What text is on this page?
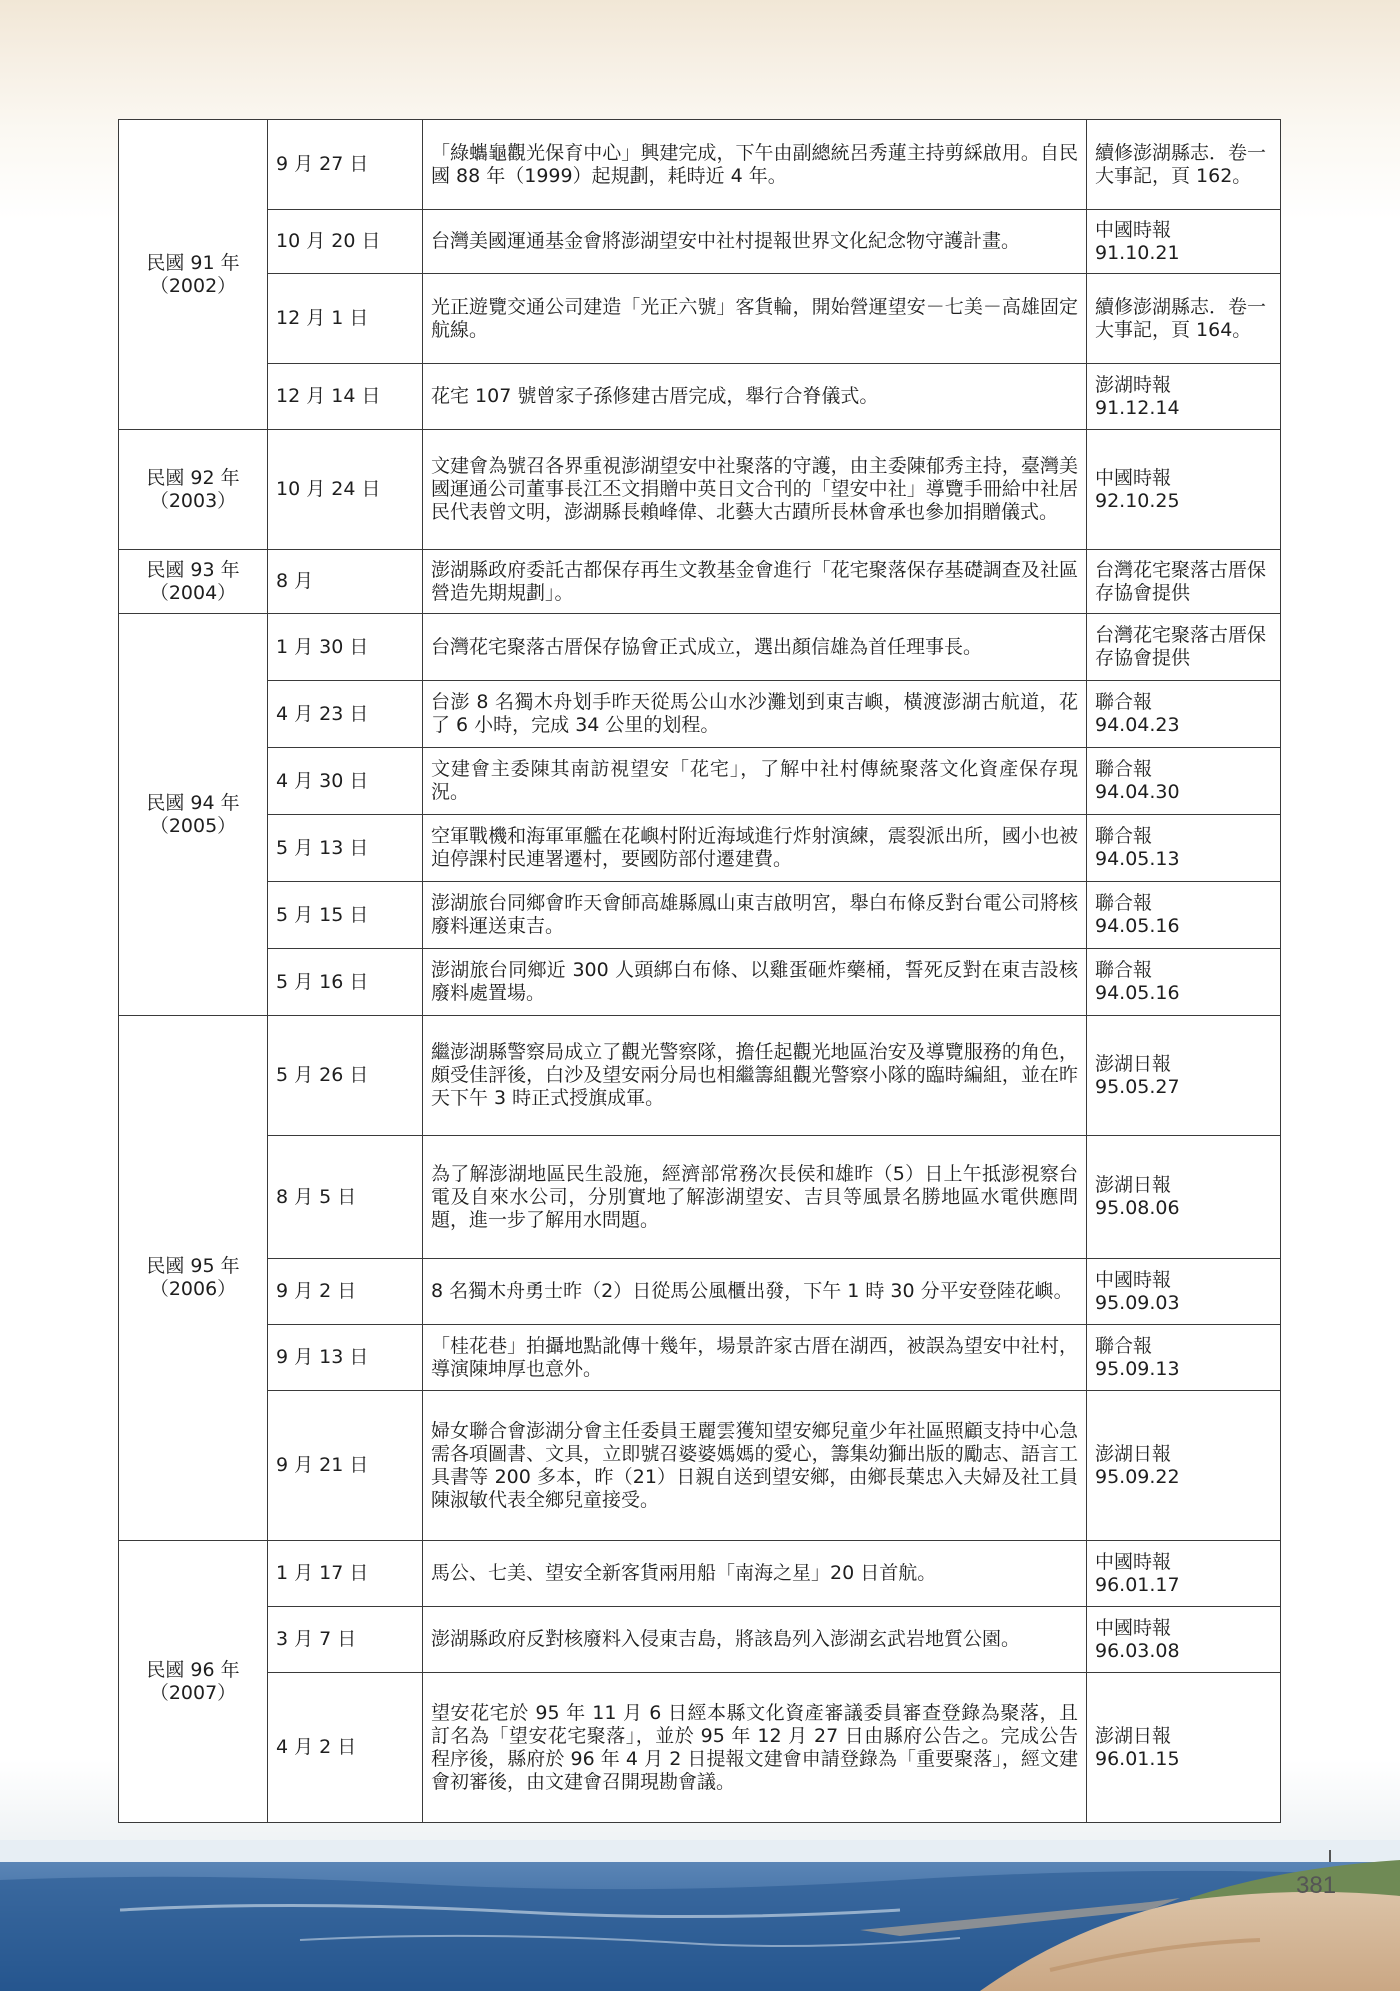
民國 91 年
（2002）	9 月 27 日	「綠蠵龜觀光保育中心」興建完成，下午由副總統呂秀蓮主持剪綵啟用。自民國 88 年（1999）起規劃，耗時近 4 年。	續修澎湖縣志．卷一大事記，頁 162。
	10 月 20 日	台灣美國運通基金會將澎湖望安中社村提報世界文化紀念物守護計畫。	中國時報
91.10.21
	12 月 1 日	光正遊覽交通公司建造「光正六號」客貨輪，開始營運望安－七美－高雄固定航線。	續修澎湖縣志．卷一大事記，頁 164。
	12 月 14 日	花宅 107 號曾家子孫修建古厝完成，舉行合脊儀式。	澎湖時報
91.12.14
民國 92 年
（2003）	10 月 24 日	文建會為號召各界重視澎湖望安中社聚落的守護，由主委陳郁秀主持，臺灣美國運通公司董事長江丕文捐贈中英日文合刊的「望安中社」導覽手冊給中社居民代表曾文明，澎湖縣長賴峰偉、北藝大古蹟所長林會承也參加捐贈儀式。	中國時報
92.10.25
民國 93 年
（2004）	8 月	澎湖縣政府委託古都保存再生文教基金會進行「花宅聚落保存基礎調查及社區營造先期規劃」。	台灣花宅聚落古厝保存協會提供
民國 94 年
（2005）	1 月 30 日	台灣花宅聚落古厝保存協會正式成立，選出顏信雄為首任理事長。	台灣花宅聚落古厝保存協會提供
	4 月 23 日	台澎 8 名獨木舟划手昨天從馬公山水沙灘划到東吉嶼，橫渡澎湖古航道，花了 6 小時，完成 34 公里的划程。	聯合報
94.04.23
	4 月 30 日	文建會主委陳其南訪視望安「花宅」，了解中社村傳統聚落文化資產保存現況。	聯合報
94.04.30
	5 月 13 日	空軍戰機和海軍軍艦在花嶼村附近海域進行炸射演練，震裂派出所，國小也被迫停課村民連署遷村，要國防部付遷建費。	聯合報
94.05.13
	5 月 15 日	澎湖旅台同鄉會昨天會師高雄縣鳳山東吉啟明宮，舉白布條反對台電公司將核廢料運送東吉。	聯合報
94.05.16
	5 月 16 日	澎湖旅台同鄉近 300 人頭綁白布條、以雞蛋砸炸藥桶，誓死反對在東吉設核廢料處置場。	聯合報
94.05.16
民國 95 年
（2006）	5 月 26 日	繼澎湖縣警察局成立了觀光警察隊，擔任起觀光地區治安及導覽服務的角色，頗受佳評後，白沙及望安兩分局也相繼籌組觀光警察小隊的臨時編組，並在昨天下午 3 時正式授旗成軍。	澎湖日報
95.05.27
	8 月 5 日	為了解澎湖地區民生設施，經濟部常務次長侯和雄昨（5）日上午抵澎視察台電及自來水公司，分別實地了解澎湖望安、吉貝等風景名勝地區水電供應問題，進一步了解用水問題。	澎湖日報
95.08.06
	9 月 2 日	8 名獨木舟勇士昨（2）日從馬公風櫃出發，下午 1 時 30 分平安登陸花嶼。	中國時報
95.09.03
	9 月 13 日	「桂花巷」拍攝地點訛傳十幾年，場景許家古厝在湖西，被誤為望安中社村，導演陳坤厚也意外。	聯合報
95.09.13
	9 月 21 日	婦女聯合會澎湖分會主任委員王麗雲獲知望安鄉兒童少年社區照顧支持中心急需各項圖書、文具，立即號召婆婆媽媽的愛心，籌集幼獅出版的勵志、語言工具書等 200 多本，昨（21）日親自送到望安鄉，由鄉長葉忠入夫婦及社工員陳淑敏代表全鄉兒童接受。	澎湖日報
95.09.22
民國 96 年
（2007）	1 月 17 日	馬公、七美、望安全新客貨兩用船「南海之星」20 日首航。	中國時報
96.01.17
	3 月 7 日	澎湖縣政府反對核廢料入侵東吉島，將該島列入澎湖玄武岩地質公園。	中國時報
96.03.08
	4 月 2 日	望安花宅於 95 年 11 月 6 日經本縣文化資產審議委員審查登錄為聚落，且訂名為「望安花宅聚落」，並於 95 年 12 月 27 日由縣府公告之。完成公告程序後，縣府於 96 年 4 月 2 日提報文建會申請登錄為「重要聚落」，經文建會初審後，由文建會召開現勘會議。	澎湖日報
96.01.15
381
